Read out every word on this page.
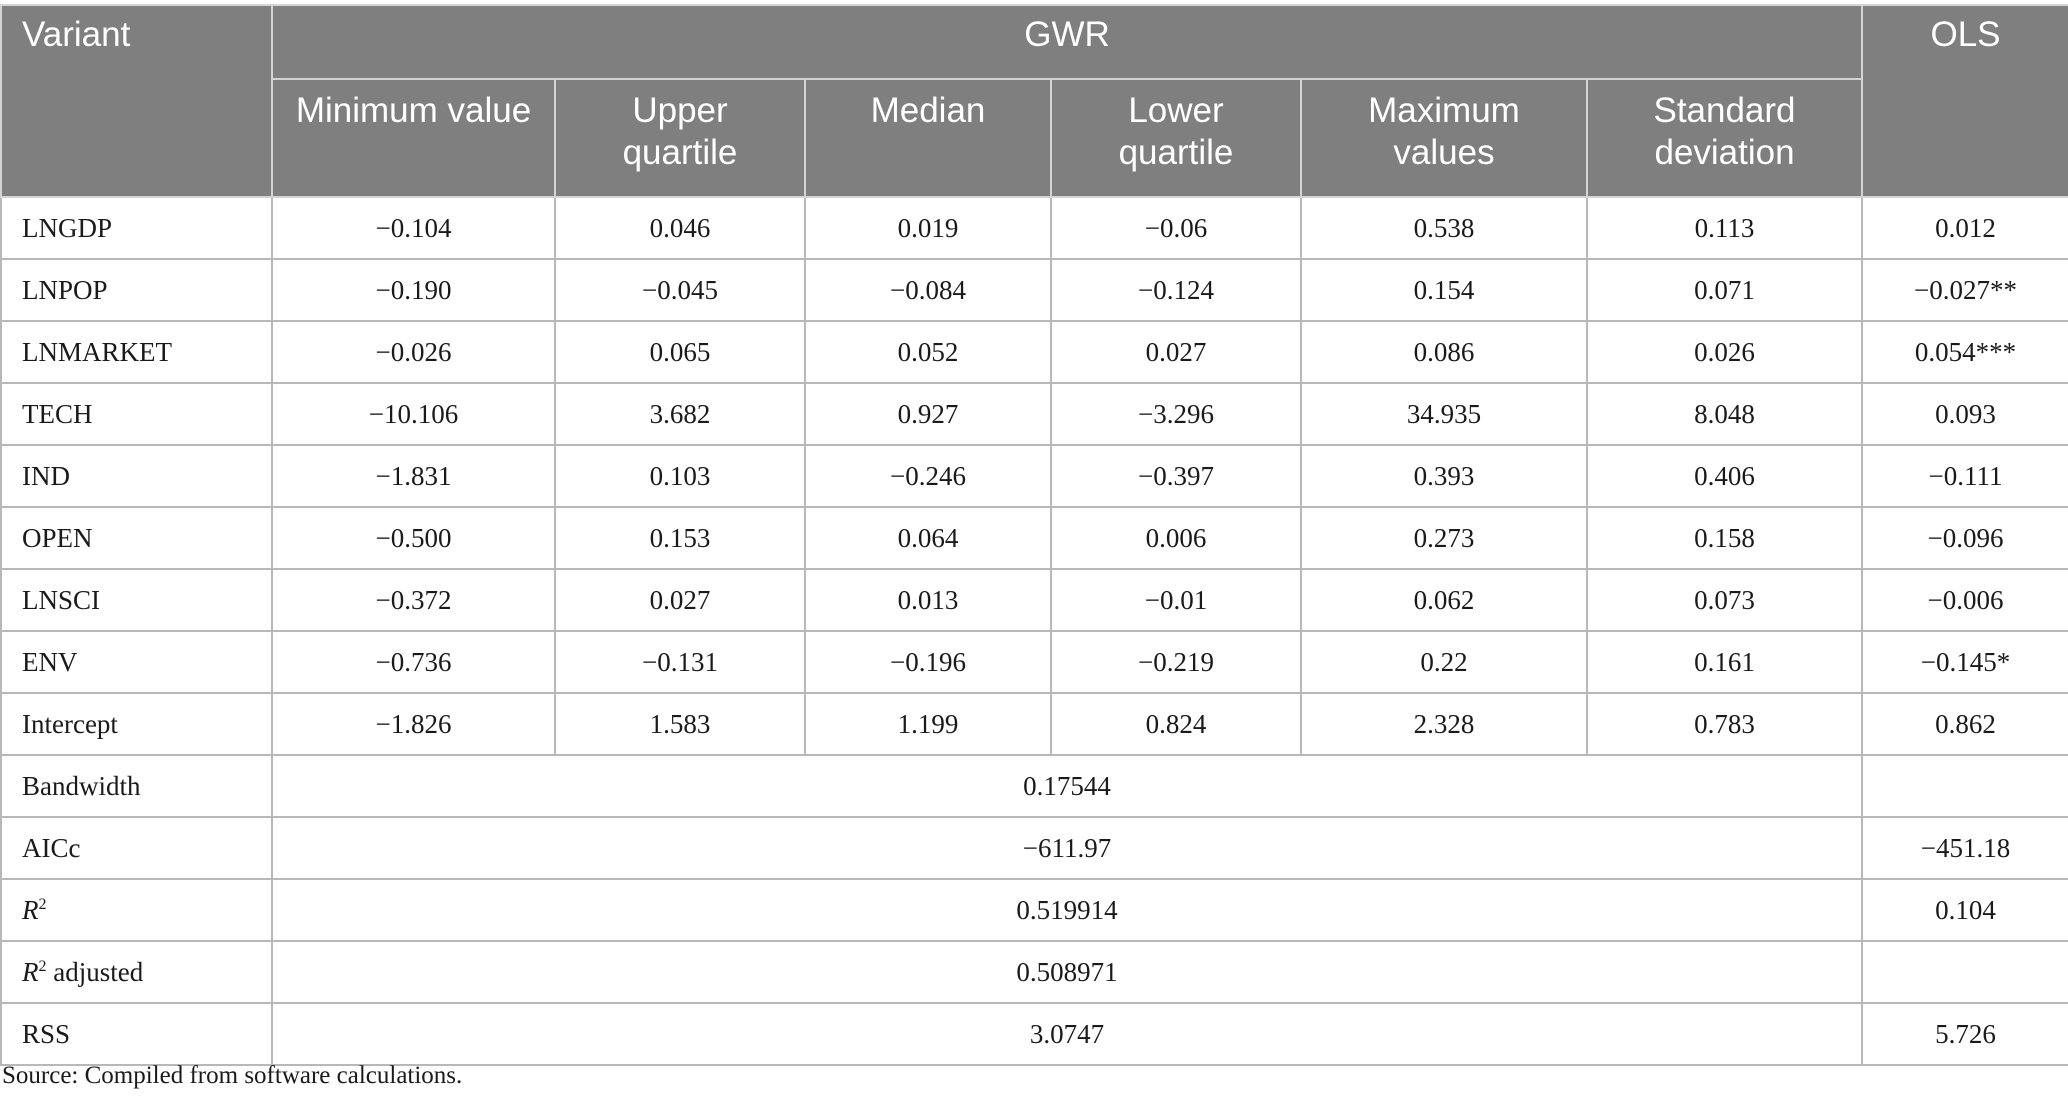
Variant	GWR						OLS
	Minimum value	Upper quartile	Median	Lower quartile	Maximum values	Standard deviation	
LNGDP	−0.104	0.046	0.019	−0.06	0.538	0.113	0.012
LNPOP	−0.190	−0.045	−0.084	−0.124	0.154	0.071	−0.027**
LNMARKET	−0.026	0.065	0.052	0.027	0.086	0.026	0.054***
TECH	−10.106	3.682	0.927	−3.296	34.935	8.048	0.093
IND	−1.831	0.103	−0.246	−0.397	0.393	0.406	−0.111
OPEN	−0.500	0.153	0.064	0.006	0.273	0.158	−0.096
LNSCI	−0.372	0.027	0.013	−0.01	0.062	0.073	−0.006
ENV	−0.736	−0.131	−0.196	−0.219	0.22	0.161	−0.145*
Intercept	−1.826	1.583	1.199	0.824	2.328	0.783	0.862
Bandwidth	0.17544						
AICc	−611.97						−451.18
$R^2$	0.519914						0.104
$R^2$ adjusted	0.508971						
RSS	3.0747						5.726
Source: Compiled from software calculations.
